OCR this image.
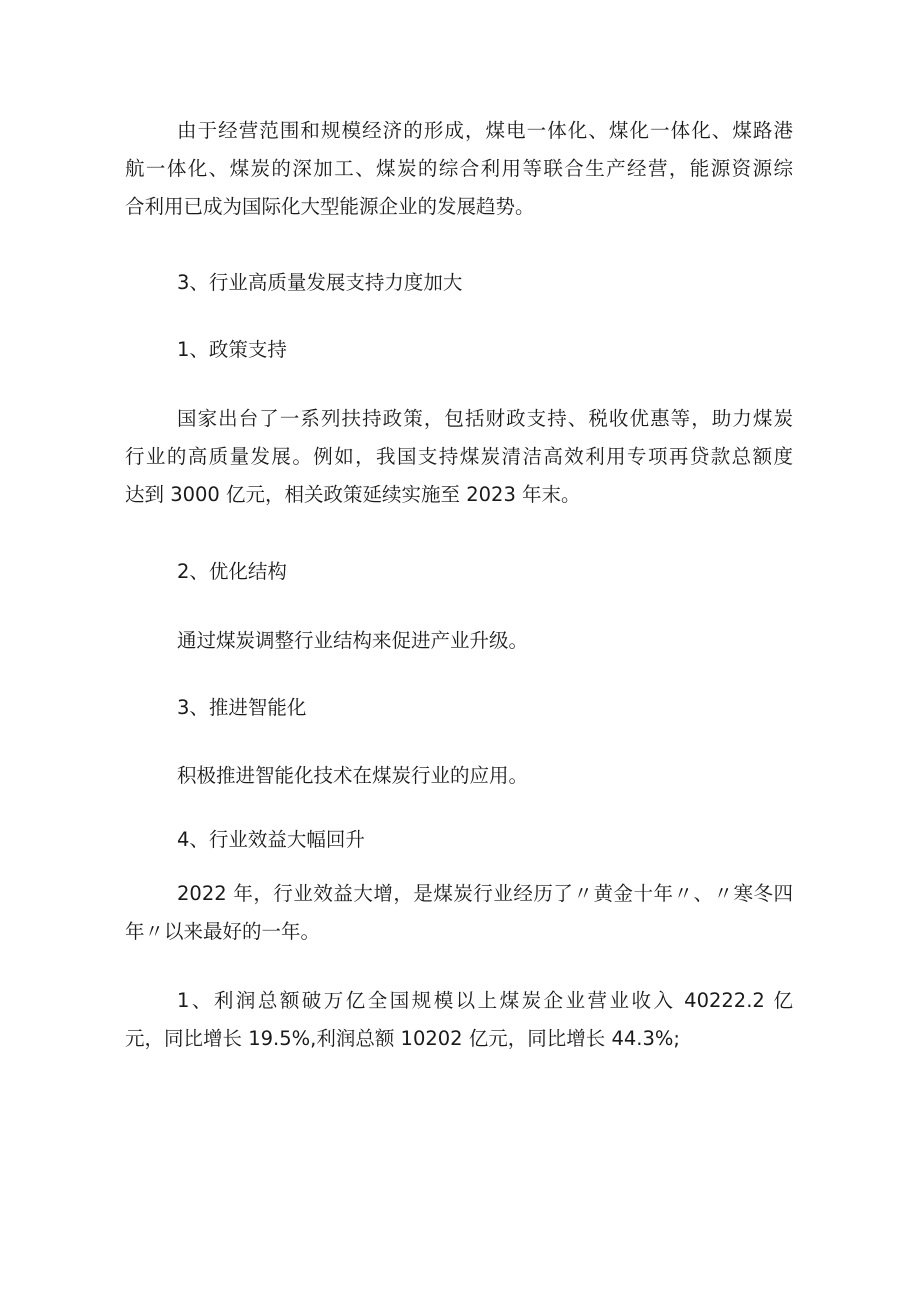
由于经营范围和规模经济的形成，煤电一体化、煤化一体化、煤路港
航一体化、煤炭的深加工、煤炭的综合利用等联合生产经营，能源资源综
合利用已成为国际化大型能源企业的发展趋势。
3、行业高质量发展支持力度加大
1、政策支持
国家出台了一系列扶持政策，包括财政支持、税收优惠等，助力煤炭
行业的高质量发展。例如，我国支持煤炭清洁高效利用专项再贷款总额度
达到 3000 亿元，相关政策延续实施至 2023 年末。
2、优化结构
通过煤炭调整行业结构来促进产业升级。
3、推进智能化
积极推进智能化技术在煤炭行业的应用。
4、行业效益大幅回升
2022 年，行业效益大增，是煤炭行业经历了〃黄金十年〃、〃寒冬四
年〃以来最好的一年。
1、利润总额破万亿全国规模以上煤炭企业营业收入 40222.2 亿
元，同比增长 19.5%,利润总额 10202 亿元，同比增长 44.3%;
